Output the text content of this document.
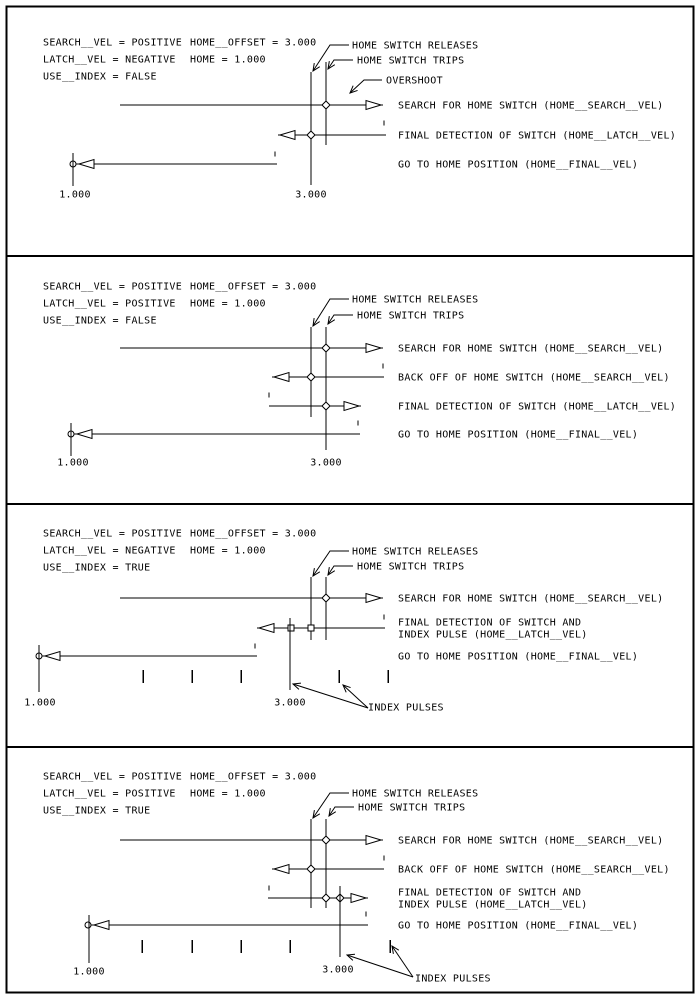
SEARCH__VEL = POSITIVE HOME__OFFSET = 3.000
LATCH__VEL = NEGATIVE HOME = 1.000
USE__INDEX = FALSE
HOME SWITCH RELEASES
HOME SWITCH TRIPS
OVERSHOOT
SEARCH FOR HOME SWITCH (HOME__SEARCH__VEL)
FINAL DETECTION OF SWITCH (HOME__LATCH__VEL)
GO TO HOME POSITION (HOME__FINAL__VEL)
1.000	3.000
SEARCH__VEL = POSITIVE HOME__OFFSET = 3.000
LATCH__VEL = POSITIVE HOME = 1.000
USE__INDEX = FALSE
HOME SWITCH RELEASES
HOME SWITCH TRIPS
SEARCH FOR HOME SWITCH (HOME__SEARCH__VEL)
BACK OFF OF HOME SWITCH (HOME__SEARCH__VEL)
FINAL DETECTION OF SWITCH (HOME__LATCH__VEL)
GO TO HOME POSITION (HOME__FINAL__VEL)
1.000	3.000
SEARCH__VEL = POSITIVE HOME__OFFSET = 3.000
LATCH__VEL = NEGATIVE HOME = 1.000
USE__INDEX = TRUE
HOME SWITCH RELEASES
HOME SWITCH TRIPS
SEARCH FOR HOME SWITCH (HOME__SEARCH__VEL)
FINAL DETECTION OF SWITCH AND
INDEX PULSE (HOME__LATCH__VEL)
GO TO HOME POSITION (HOME__FINAL__VEL)
1.000	3.000	INDEX PULSES
SEARCH__VEL = POSITIVE HOME__OFFSET = 3.000
LATCH__VEL = POSITIVE HOME = 1.000
USE__INDEX = TRUE
HOME SWITCH RELEASES
HOME SWITCH TRIPS
SEARCH FOR HOME SWITCH (HOME__SEARCH__VEL)
BACK OFF OF HOME SWITCH (HOME__SEARCH__VEL)
FINAL DETECTION OF SWITCH AND
INDEX PULSE (HOME__LATCH__VEL)
GO TO HOME POSITION (HOME__FINAL__VEL)
1.000	3.000
INDEX PULSES
